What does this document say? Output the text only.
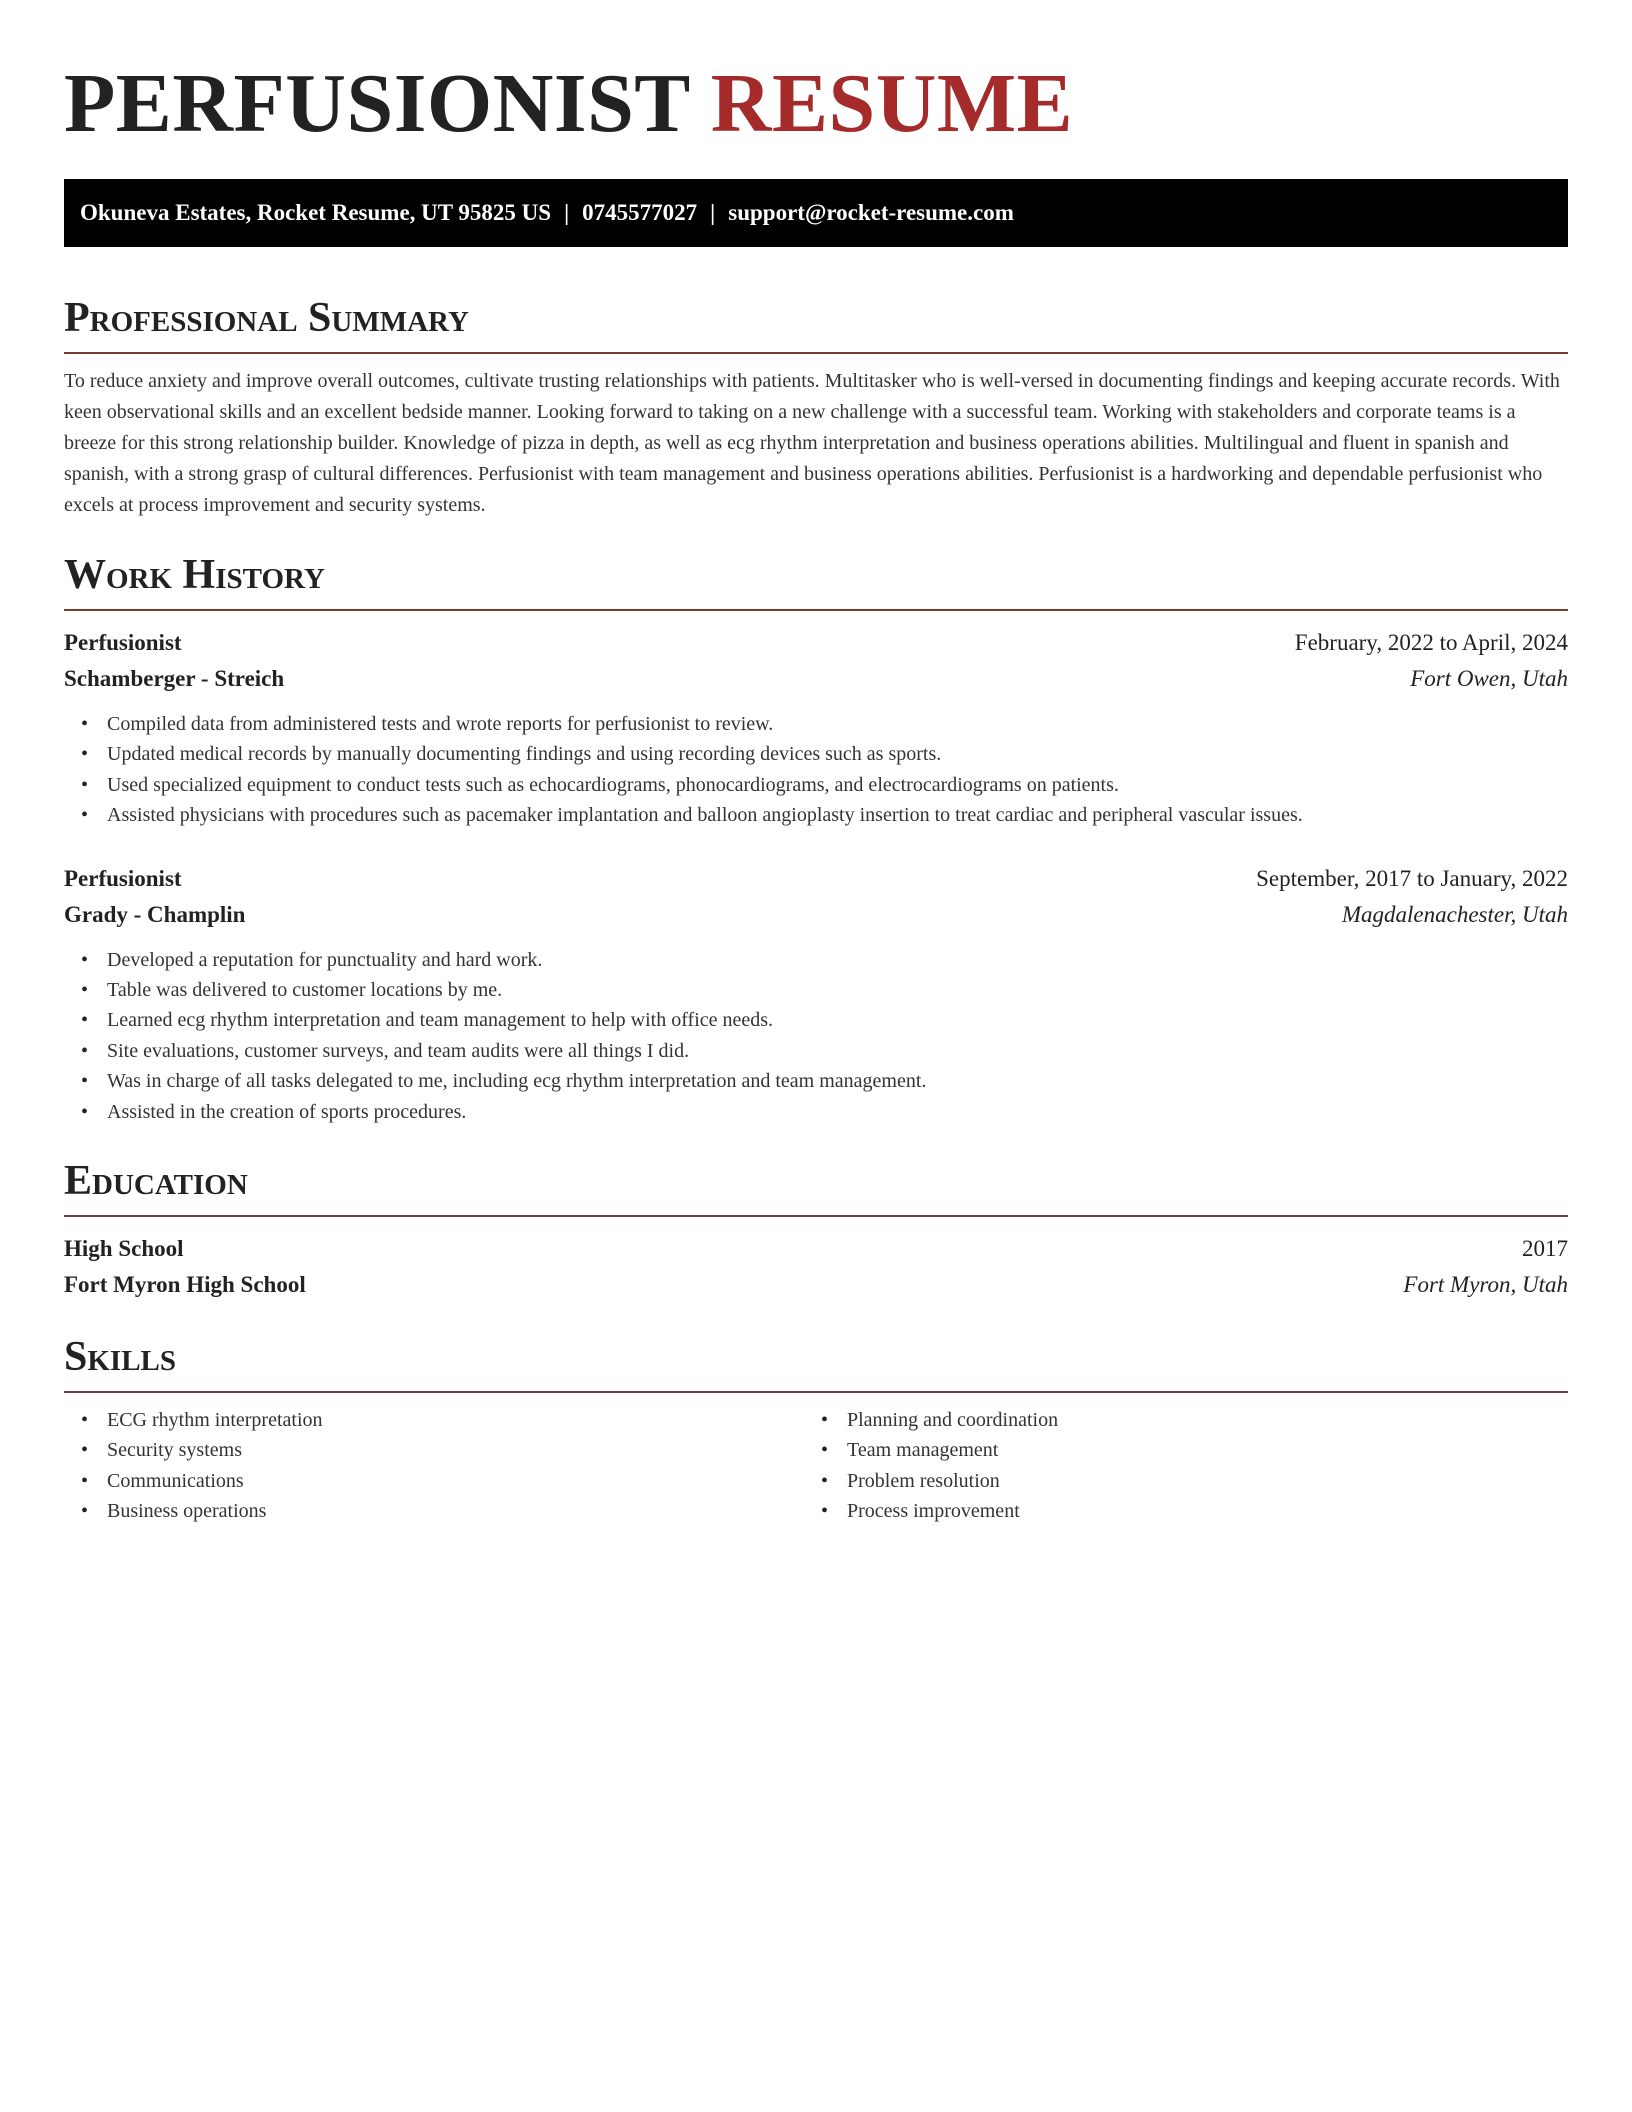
PERFUSIONIST RESUME
Okuneva Estates, Rocket Resume, UT 95825 US | 0745577027 | support@rocket-resume.com
Professional Summary

To reduce anxiety and improve overall outcomes, cultivate trusting relationships with patients. Multitasker who is well-versed in documenting findings and keeping accurate records. With keen observational skills and an excellent bedside manner. Looking forward to taking on a new challenge with a successful team. Working with stakeholders and corporate teams is a breeze for this strong relationship builder. Knowledge of pizza in depth, as well as ecg rhythm interpretation and business operations abilities. Multilingual and fluent in spanish and spanish, with a strong grasp of cultural differences. Perfusionist with team management and business operations abilities. Perfusionist is a hardworking and dependable perfusionist who excels at process improvement and security systems.

Work History
Perfusionist	February, 2022 to April, 2024
Schamberger - Streich	Fort Owen, Utah
• Compiled data from administered tests and wrote reports for perfusionist to review.
• Updated medical records by manually documenting findings and using recording devices such as sports.
• Used specialized equipment to conduct tests such as echocardiograms, phonocardiograms, and electrocardiograms on patients.
• Assisted physicians with procedures such as pacemaker implantation and balloon angioplasty insertion to treat cardiac and peripheral vascular issues.
Perfusionist	September, 2017 to January, 2022
Grady - Champlin	Magdalenachester, Utah
• Developed a reputation for punctuality and hard work.
• Table was delivered to customer locations by me.
• Learned ecg rhythm interpretation and team management to help with office needs.
• Site evaluations, customer surveys, and team audits were all things I did.
• Was in charge of all tasks delegated to me, including ecg rhythm interpretation and team management.
• Assisted in the creation of sports procedures.
Education
High School	2017
Fort Myron High School	Fort Myron, Utah
Skills
• ECG rhythm interpretation
• Security systems
• Communications
• Business operations
• Planning and coordination
• Team management
• Problem resolution
• Process improvement
